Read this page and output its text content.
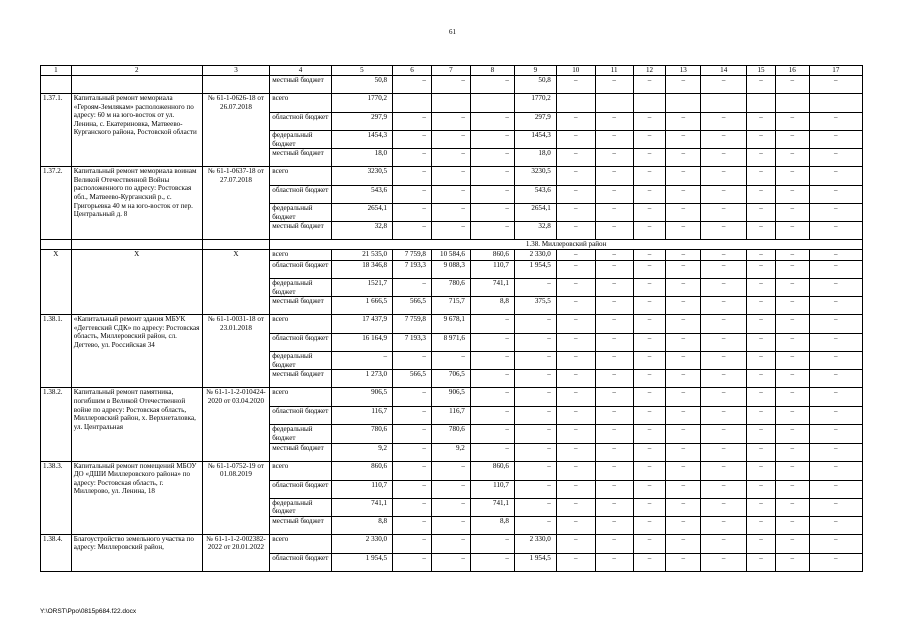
61
1	2	3	4	5	6	7	8	9	10	11	12	13	14	15	16	17
			местный бюджет	50,8	–	–	–	50,8	–	–	–	–	–	–	–	–
1.37.1.	Капитальный ремонт мемориала «Героям-Землякам» расположенного по адресу: 60 м на юго-восток от ул. Ленина, с. Екатериновка, Матвеево- Курганского района, Ростовской области	№ 61-1-0626-18 от 26.07.2018	всего	1770,2				1770,2								
			областной бюджет	297,9	–	–	–	297,9	–	–	–	–	–	–	–	–
			федеральный бюджет	1454,3	–	–	–	1454,3	–	–	–	–	–	–	–	–
			местный бюджет	18,0	–	–	–	18,0	–	–	–	–	–	–	–	–
1.37.2.	Капитальный ремонт мемориала воинам Великой Отечественной Войны расположенного по адресу: Ростовская обл., Матвеево-Курганский р., с. Григорьевка 40 м на юго-восток от пер. Центральный д. 8	№ 61-1-0637-18 от 27.07.2018	всего	3230,5	–	–	–	3230,5	–	–	–	–	–	–	–	–
			областной бюджет	543,6	–	–	–	543,6	–	–	–	–	–	–	–	–
			федеральный бюджет	2654,1	–	–	–	2654,1	–	–	–	–	–	–	–	–
			местный бюджет	32,8	–	–	–	32,8	–	–	–	–	–	–	–	–
			1.38. Миллеровский район													
Х	Х	Х	всего	21 535,0	7 759,8	10 584,6	860,6	2 330,0	–	–	–	–	–	–	–	–
			областной бюджет	18 346,8	7 193,3	9 088,3	110,7	1 954,5	–	–	–	–	–	–	–	–
			федеральный бюджет	1521,7	–	780,6	741,1	–	–	–	–	–	–	–	–	–
			местный бюджет	1 666,5	566,5	715,7	8,8	375,5	–	–	–	–	–	–	–	–
1.38.1.	«Капитальный ремонт здания МБУК «Дегтевский СДК» по адресу: Ростовская область, Миллеровский район, сл. Дегтево, ул. Российская 34	№ 61-1-0031-18 от 23.01.2018	всего	17 437,9	7 759,8	9 678,1	–	–	–	–	–	–	–	–	–	–
			областной бюджет	16 164,9	7 193,3	8 971,6	–	–	–	–	–	–	–	–	–	–
			федеральный бюджет	–	–	–	–	–	–	–	–	–	–	–	–	–
			местный бюджет	1 273,0	566,5	706,5	–	–	–	–	–	–	–	–	–	–
1.38.2.	Капитальный ремонт памятника, погибшим в Великой Отечественной войне по адресу: Ростовская область, Миллеровский район, х. Верхнеталовка, ул. Центральная	№ 61-1-1-2-010424-2020 от 03.04.2020	всего	906,5	–	906,5	–	–	–	–	–	–	–	–	–	–
			областной бюджет	116,7	–	116,7	–	–	–	–	–	–	–	–	–	–
			федеральный бюджет	780,6	–	780,6	–	–	–	–	–	–	–	–	–	–
			местный бюджет	9,2	–	9,2	–	–	–	–	–	–	–	–	–	–
1.38.3.	Капитальный ремонт помещений МБОУ ДО «ДШИ Миллеровского района» по адресу: Ростовская область, г. Миллерово, ул. Ленина, 18	№ 61-1-0752-19 от 01.08.2019	всего	860,6	–	–	860,6	–	–	–	–	–	–	–	–	–
			областной бюджет	110,7	–	–	110,7	–	–	–	–	–	–	–	–	–
			федеральный бюджет	741,1	–	–	741,1	–	–	–	–	–	–	–	–	–
			местный бюджет	8,8	–	–	8,8	–	–	–	–	–	–	–	–	–
1.38.4.	Благоустройство земельного участка по адресу: Миллеровский район,	№ 61-1-1-2-002382-2022 от 20.01.2022	всего	2 330,0	–	–	–	2 330,0	–	–	–	–	–	–	–	–
			областной бюджет	1 954,5	–	–	–	1 954,5	–	–	–	–	–	–	–	–
Y:\ORST\Ppo\0815p684.f22.docx
